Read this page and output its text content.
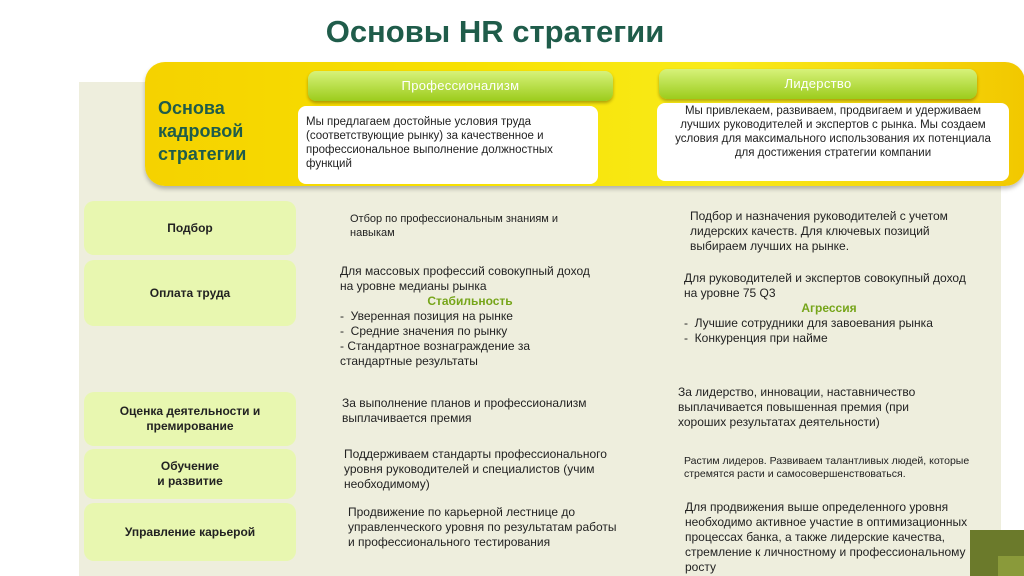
Основы HR стратегии
Основа
кадровой
стратегии
Профессионализм
Мы предлагаем достойные условия труда (соответствующие рынку) за качественное и профессиональное выполнение должностных функций
Лидерство
Мы привлекаем, развиваем, продвигаем и удерживаем лучших руководителей и экспертов с рынка. Мы создаем условия для максимального использования их потенциала для достижения стратегии компании
Подбор
Отбор по профессиональным знаниям и навыкам
Подбор и назначения руководителей с учетом лидерских качеств. Для ключевых позиций выбираем лучших на рынке.
Оплата труда
Для массовых профессий совокупный доход на уровне медианы рынка
Стабильность
-  Уверенная позиция на рынке
-  Средние значения по рынку
- Стандартное вознаграждение за стандартные результаты
Для руководителей и экспертов совокупный доход на уровне 75 Q3
Агрессия
-  Лучшие сотрудники для завоевания рынка
-  Конкуренция при найме
Оценка деятельности и премирование
За выполнение планов и профессионализм выплачивается премия
За лидерство, инновации, наставничество выплачивается повышенная премия (при хороших результатах деятельности)
Обучение
и развитие
Поддерживаем стандарты профессионального уровня руководителей и специалистов (учим необходимому)
Растим лидеров. Развиваем талантливых людей, которые стремятся расти и самосовершенствоваться.
Управление карьерой
Продвижение по карьерной лестнице до управленческого уровня по результатам работы и профессионального тестирования
Для продвижения выше определенного уровня необходимо активное участие в оптимизационных процессах банка, а также лидерские качества, стремление к личностному и профессиональному росту
